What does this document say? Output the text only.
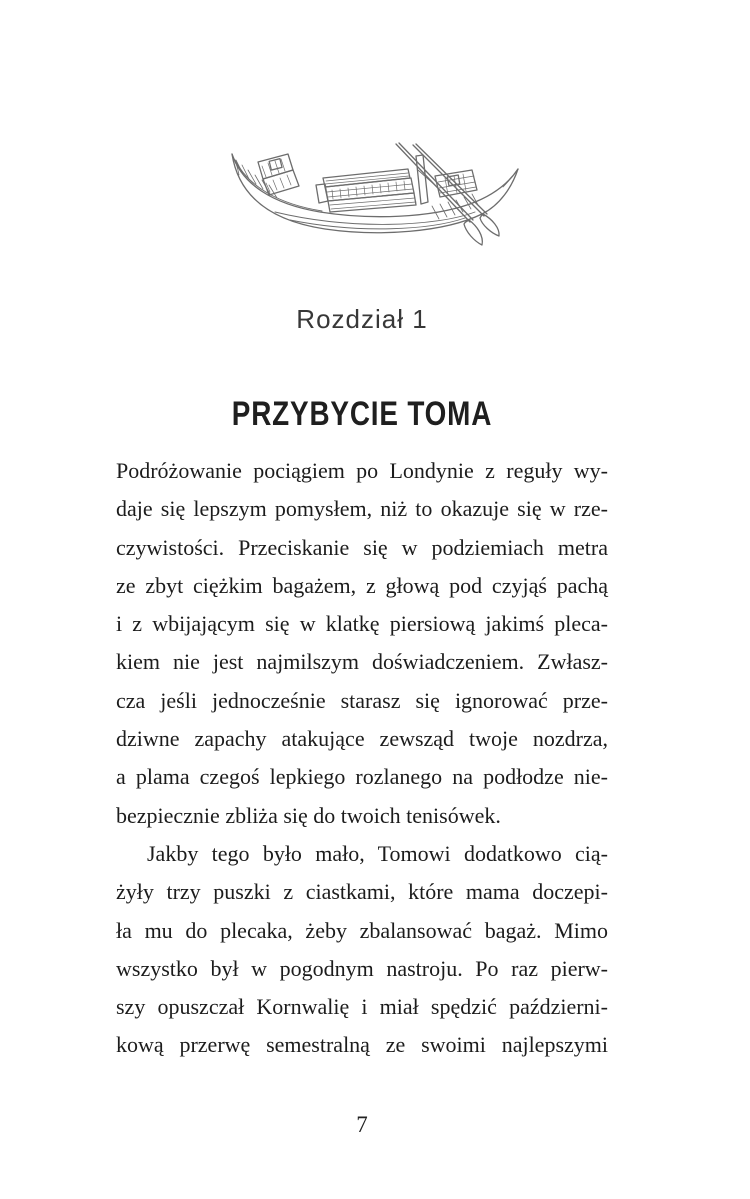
Rozdział 1
PRZYBYCIE TOMA
Podróżowanie pociągiem po Londynie z reguły wy-
daje się lepszym pomysłem, niż to okazuje się w rze-
czywistości. Przeciskanie się w podziemiach metra
ze zbyt ciężkim bagażem, z głową pod czyjąś pachą
i z wbijającym się w klatkę piersiową jakimś pleca-
kiem nie jest najmilszym doświadczeniem. Zwłasz-
cza jeśli jednocześnie starasz się ignorować prze-
dziwne zapachy atakujące zewsząd twoje nozdrza,
a plama czegoś lepkiego rozlanego na podłodze nie-
bezpiecznie zbliża się do twoich tenisówek.
Jakby tego było mało, Tomowi dodatkowo cią-
żyły trzy puszki z ciastkami, które mama doczepi-
ła mu do plecaka, żeby zbalansować bagaż. Mimo
wszystko był w pogodnym nastroju. Po raz pierw-
szy opuszczał Kornwalię i miał spędzić październi-
kową przerwę semestralną ze swoimi najlepszymi
7
